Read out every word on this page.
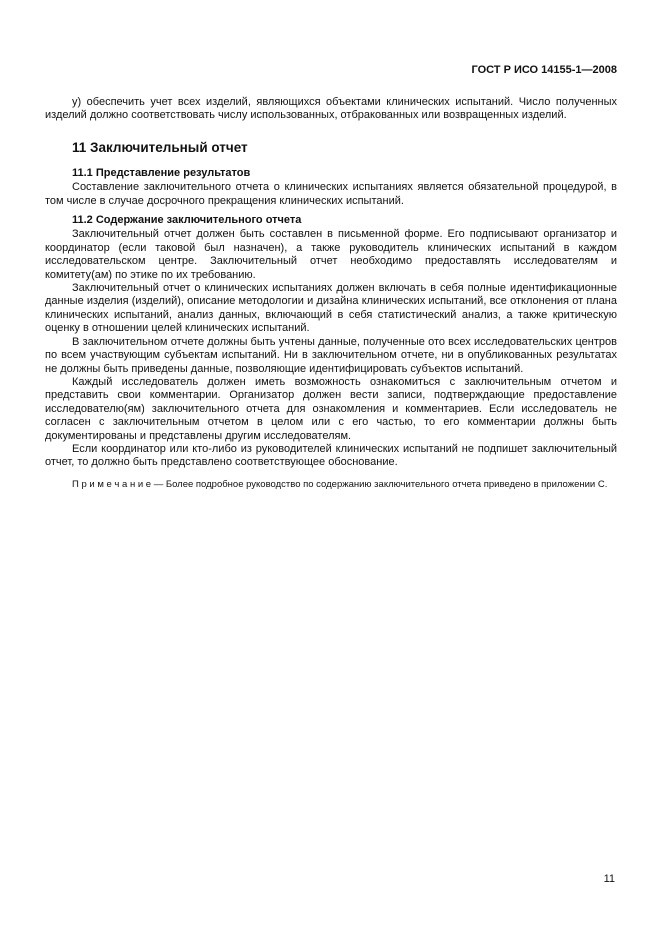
ГОСТ Р ИСО 14155-1—2008

у) обеспечить учет всех изделий, являющихся объектами клинических испытаний. Число полученных изделий должно соответствовать числу использованных, отбракованных или возвращенных изделий.

11 Заключительный отчет
11.1 Представление результатов

Составление заключительного отчета о клинических испытаниях является обязательной процедурой, в том числе в случае досрочного прекращения клинических испытаний.

11.2 Содержание заключительного отчета

Заключительный отчет должен быть составлен в письменной форме. Его подписывают организатор и координатор (если таковой был назначен), а также руководитель клинических испытаний в каждом исследовательском центре. Заключительный отчет необходимо предоставлять исследователям и комитету(ам) по этике по их требованию.

Заключительный отчет о клинических испытаниях должен включать в себя полные идентификационные данные изделия (изделий), описание методологии и дизайна клинических испытаний, все отклонения от плана клинических испытаний, анализ данных, включающий в себя статистический анализ, а также критическую оценку в отношении целей клинических испытаний.

В заключительном отчете должны быть учтены данные, полученные ото всех исследовательских центров по всем участвующим субъектам испытаний. Ни в заключительном отчете, ни в опубликованных результатах не должны быть приведены данные, позволяющие идентифицировать субъектов испытаний.

Каждый исследователь должен иметь возможность ознакомиться с заключительным отчетом и представить свои комментарии. Организатор должен вести записи, подтверждающие предоставление исследователю(ям) заключительного отчета для ознакомления и комментариев. Если исследователь не согласен с заключительным отчетом в целом или с его частью, то его комментарии должны быть документированы и представлены другим исследователям.

Если координатор или кто-либо из руководителей клинических испытаний не подпишет заключительный отчет, то должно быть представлено соответствующее обоснование.

П р и м е ч а н и е — Более подробное руководство по содержанию заключительного отчета приведено в приложении С.
11
